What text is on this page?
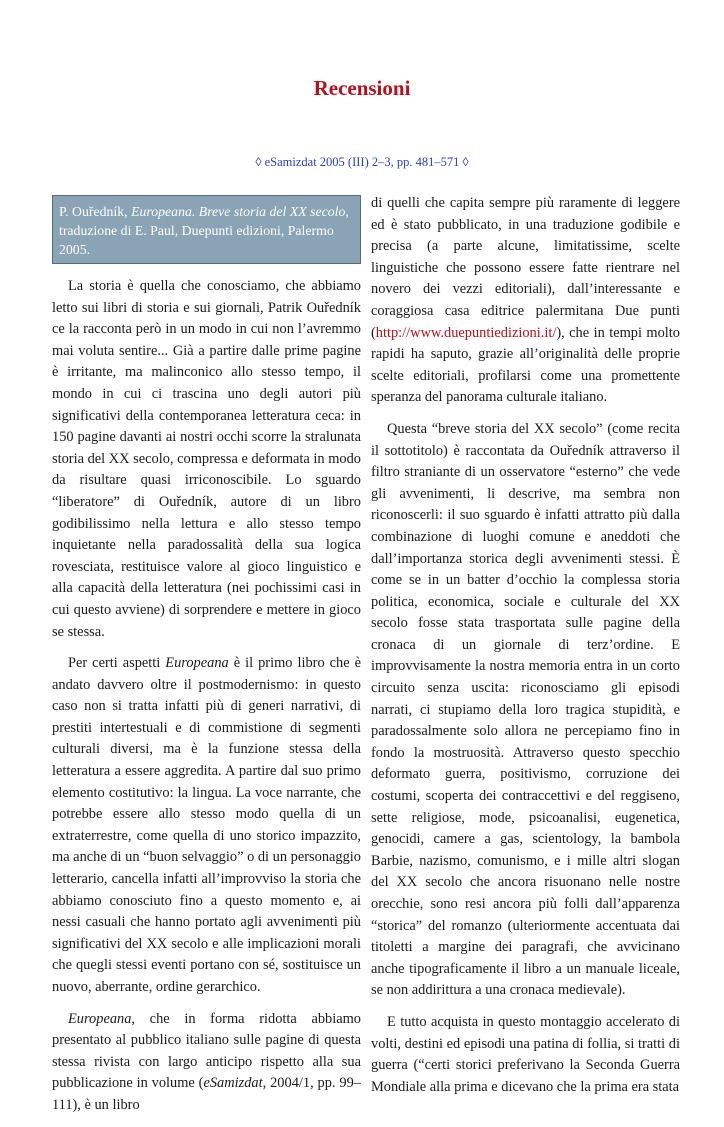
Recensioni
◊ eSamizdat 2005 (III) 2–3, pp. 481–571 ◊
P. Ouředník, Europeana. Breve storia del XX secolo, traduzione di E. Paul, Duepunti edizioni, Palermo 2005.

La storia è quella che conosciamo, che abbiamo letto sui libri di storia e sui giornali, Patrik Ouředník ce la racconta però in un modo in cui non l’avremmo mai voluta sentire... Già a partire dalle prime pagine è irritante, ma malinconico allo stesso tempo, il mondo in cui ci trascina uno degli autori più significativi della contemporanea letteratura ceca: in 150 pagine davanti ai nostri occhi scorre la stralunata storia del XX secolo, compressa e deformata in modo da risultare quasi irriconoscibile. Lo sguardo “liberatore” di Ouředník, autore di un libro godibilissimo nella lettura e allo stesso tempo inquietante nella paradossalità della sua logica rovesciata, restituisce valore al gioco linguistico e alla capacità della letteratura (nei pochissimi casi in cui questo avviene) di sorprendere e mettere in gioco se stessa.

Per certi aspetti Europeana è il primo libro che è andato davvero oltre il postmodernismo: in questo caso non si tratta infatti più di generi narrativi, di prestiti intertestuali e di commistione di segmenti culturali diversi, ma è la funzione stessa della letteratura a essere aggredita. A partire dal suo primo elemento costitutivo: la lingua. La voce narrante, che potrebbe essere allo stesso modo quella di un extraterrestre, come quella di uno storico impazzito, ma anche di un “buon selvaggio” o di un personaggio letterario, cancella infatti all’improvviso la storia che abbiamo conosciuto fino a questo momento e, ai nessi casuali che hanno portato agli avvenimenti più significativi del XX secolo e alle implicazioni morali che quegli stessi eventi portano con sé, sostituisce un nuovo, aberrante, ordine gerarchico.

Europeana, che in forma ridotta abbiamo presentato al pubblico italiano sulle pagine di questa stessa rivista con largo anticipo rispetto alla sua pubblicazione in volume (eSamizdat, 2004/1, pp. 99–111), è un libro

di quelli che capita sempre più raramente di leggere ed è stato pubblicato, in una traduzione godibile e precisa (a parte alcune, limitatissime, scelte linguistiche che possono essere fatte rientrare nel novero dei vezzi editoriali), dall’interessante e coraggiosa casa editrice palermitana Due punti (http://www.duepuntiedizioni.it/), che in tempi molto rapidi ha saputo, grazie all’originalità delle proprie scelte editoriali, profilarsi come una promettente speranza del panorama culturale italiano.

Questa “breve storia del XX secolo” (come recita il sottotitolo) è raccontata da Ouředník attraverso il filtro straniante di un osservatore “esterno” che vede gli avvenimenti, li descrive, ma sembra non riconoscerli: il suo sguardo è infatti attratto più dalla combinazione di luoghi comune e aneddoti che dall’importanza storica degli avvenimenti stessi. È come se in un batter d’occhio la complessa storia politica, economica, sociale e culturale del XX secolo fosse stata trasportata sulle pagine della cronaca di un giornale di terz’ordine. E improvvisamente la nostra memoria entra in un corto circuito senza uscita: riconosciamo gli episodi narrati, ci stupiamo della loro tragica stupidità, e paradossalmente solo allora ne percepiamo fino in fondo la mostruosità. Attraverso questo specchio deformato guerra, positivismo, corruzione dei costumi, scoperta dei contraccettivi e del reggiseno, sette religiose, mode, psicoanalisi, eugenetica, genocidi, camere a gas, scientology, la bambola Barbie, nazismo, comunismo, e i mille altri slogan del XX secolo che ancora risuonano nelle nostre orecchie, sono resi ancora più folli dall’apparenza “storica” del romanzo (ulteriormente accentuata dai titoletti a margine dei paragrafi, che avvicinano anche tipograficamente il libro a un manuale liceale, se non addirittura a una cronaca medievale).

E tutto acquista in questo montaggio accelerato di volti, destini ed episodi una patina di follia, si tratti di guerra (“certi storici preferivano la Seconda Guerra Mondiale alla prima e dicevano che la prima era stata
